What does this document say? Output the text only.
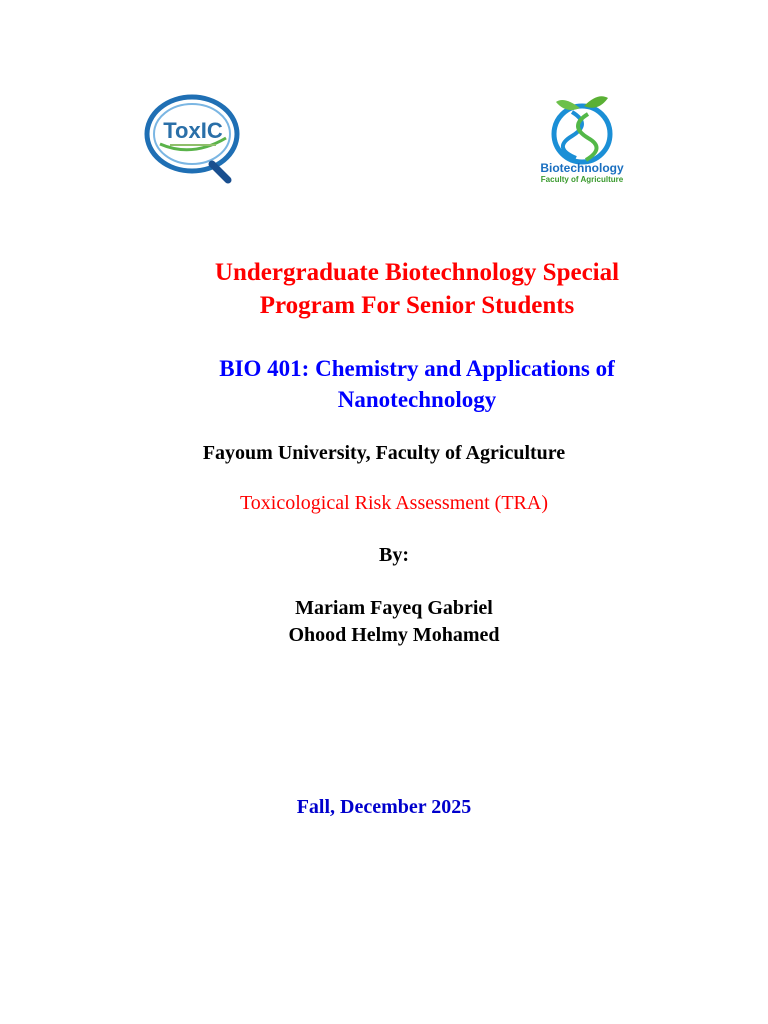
ToxIC
Biotechnology
Faculty of Agriculture
Undergraduate Biotechnology Special
Program For Senior Students
BIO 401: Chemistry and Applications of
Nanotechnology
Fayoum University, Faculty of Agriculture
Toxicological Risk Assessment (TRA)
By:
Mariam Fayeq Gabriel
Ohood Helmy Mohamed
Fall, December 2025
